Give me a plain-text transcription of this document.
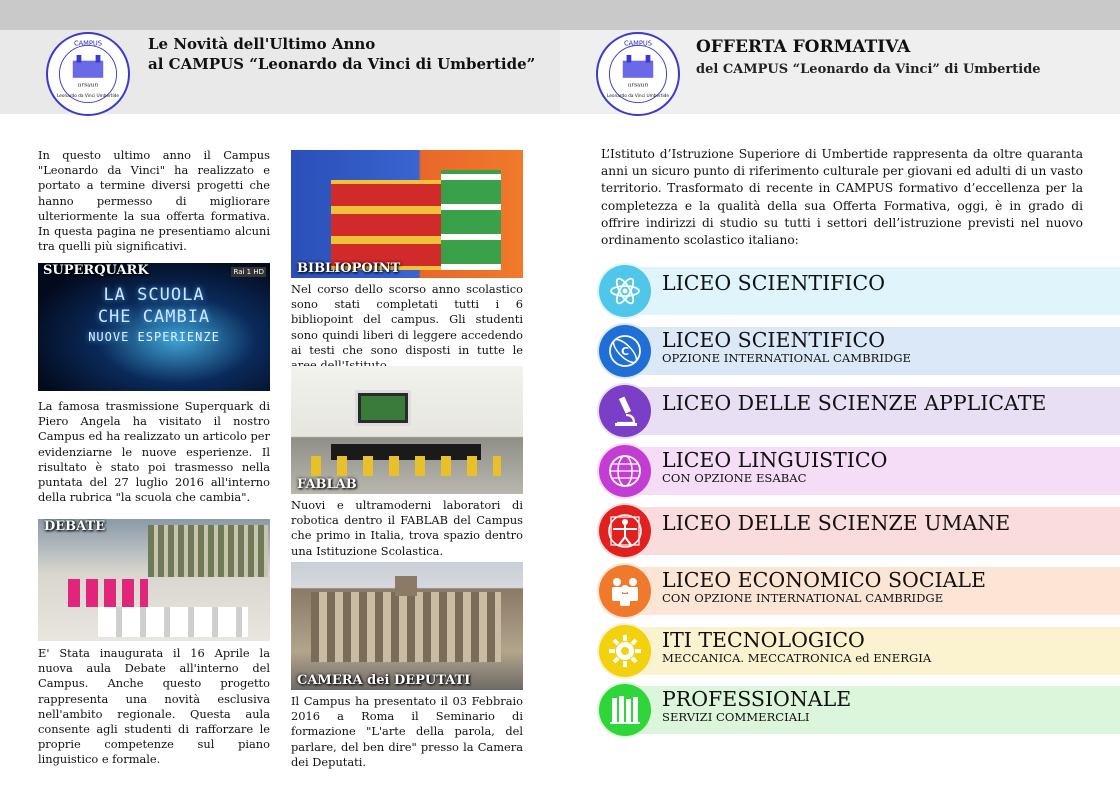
CAMPUS
ursuun
Leonardo da Vinci Umbertide
Le Novità dell'Ultimo Anno
al CAMPUS “Leonardo da Vinci di Umbertide”
CAMPUS
ursuun
Leonardo da Vinci Umbertide
OFFERTA FORMATIVA
del CAMPUS “Leonardo da Vinci” di Umbertide
In questo ultimo anno il Campus "Leonardo da Vinci" ha realizzato e portato a termine diversi progetti che hanno permesso di migliorare ulteriormente la sua offerta formativa. In questa pagina ne presentiamo alcuni tra quelli più significativi.
Rai 1 HD
LA SCUOLA
CHE CAMBIA
NUOVE ESPERIENZE
SUPERQUARK
La famosa trasmissione Superquark di Piero Angela ha visitato il nostro Campus ed ha realizzato un articolo per evidenziarne le nuove esperienze. Il risultato è stato poi trasmesso nella puntata del 27 luglio 2016 all'interno della rubrica "la scuola che cambia".
DEBATE
E' Stata inaugurata il 16 Aprile la nuova aula Debate all'interno del Campus. Anche questo progetto rappresenta una novità esclusiva nell'ambito regionale. Questa aula consente agli studenti di rafforzare le proprie competenze sul piano linguistico e formale.
BIBLIOPOINT
Nel corso dello scorso anno scolastico sono stati completati tutti i 6 bibliopoint del campus. Gli studenti sono quindi liberi di leggere accedendo ai testi che sono disposti in tutte le
FABLAB
Nuovi e ultramoderni laboratori di robotica dentro il FABLAB del Campus che primo in Italia, trova spazio dentro una Istituzione Scolastica.
CAMERA dei DEPUTATI
Il Campus ha presentato il 03 Febbraio 2016 a Roma il Seminario di formazione "L'arte della parola, del parlare, del ben dire" presso la Camera dei Deputati.
L’Istituto d’Istruzione Superiore di Umbertide rappresenta da oltre quaranta anni un sicuro punto di riferimento culturale per giovani ed adulti di un vasto territorio. Trasformato di recente in CAMPUS formativo d’eccellenza per la completezza e la qualità della sua Offerta Formativa, oggi, è in grado di offrire indirizzi di studio su tutti i settori dell’istruzione previsti nel nuovo ordinamento scolastico italiano:
LICEO SCIENTIFICO
C LICEO SCIENTIFICO
OPZIONE INTERNATIONAL CAMBRIDGE
LICEO DELLE SCIENZE APPLICATE
LICEO LINGUISTICO
CON OPZIONE ESABAC
LICEO DELLE SCIENZE UMANE
LICEO ECONOMICO SOCIALE
CON OPZIONE INTERNATIONAL CAMBRIDGE
ITI TECNOLOGICO
MECCANICA. MECCATRONICA ed ENERGIA
PROFESSIONALE
SERVIZI COMMERCIALI
